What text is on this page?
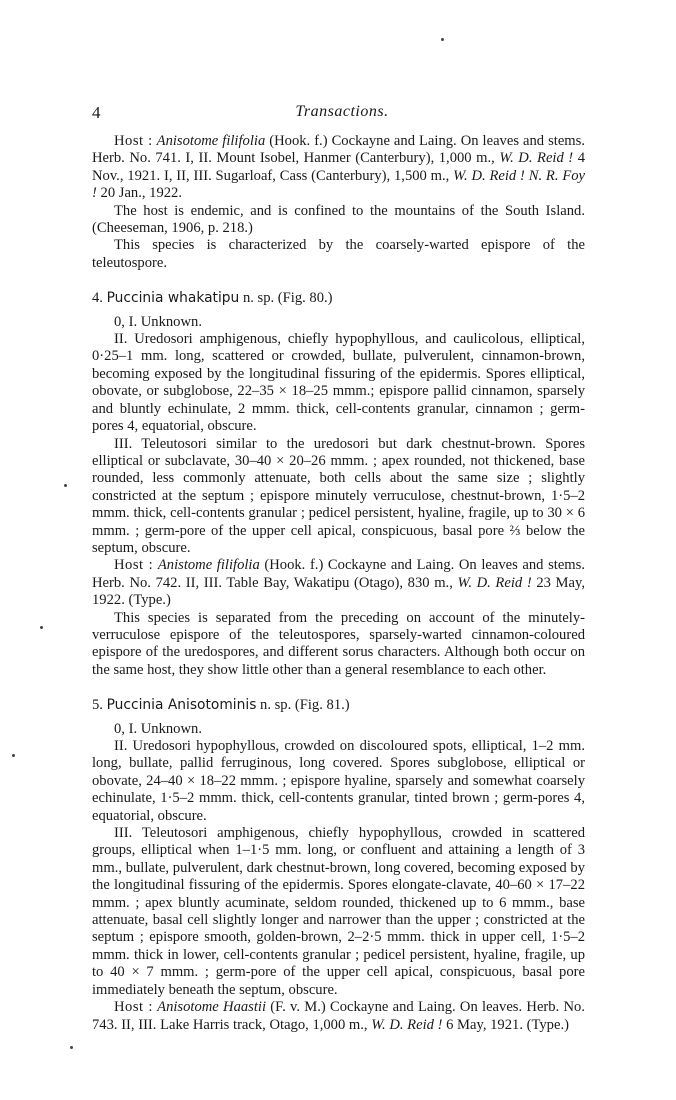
4	Transactions.

Host : Anisotome filifolia (Hook. f.) Cockayne and Laing. On leaves and stems. Herb. No. 741. I, II. Mount Isobel, Hanmer (Canterbury), 1,000 m., W. D. Reid ! 4 Nov., 1921. I, II, III. Sugarloaf, Cass (Canterbury), 1,500 m., W. D. Reid ! N. R. Foy ! 20 Jan., 1922.

The host is endemic, and is confined to the mountains of the South Island. (Cheeseman, 1906, p. 218.)

This species is characterized by the coarsely-warted epispore of the teleutospore.

4. Puccinia whakatipu n. sp. (Fig. 80.)

0, I. Unknown.

II. Uredosori amphigenous, chiefly hypophyllous, and caulicolous, elliptical, 0·25–1 mm. long, scattered or crowded, bullate, pulverulent, cinnamon-brown, becoming exposed by the longitudinal fissuring of the epidermis. Spores elliptical, obovate, or subglobose, 22–35 × 18–25 mmm.; epispore pallid cinnamon, sparsely and bluntly echinulate, 2 mmm. thick, cell-contents granular, cinnamon ; germ-pores 4, equatorial, obscure.

III. Teleutosori similar to the uredosori but dark chestnut-brown. Spores elliptical or subclavate, 30–40 × 20–26 mmm. ; apex rounded, not thickened, base rounded, less commonly attenuate, both cells about the same size ; slightly constricted at the septum ; epispore minutely verruculose, chestnut-brown, 1·5–2 mmm. thick, cell-contents granular ; pedicel persistent, hyaline, fragile, up to 30 × 6 mmm. ; germ-pore of the upper cell apical, conspicuous, basal pore ⅔ below the septum, obscure.

Host : Anistome filifolia (Hook. f.) Cockayne and Laing. On leaves and stems. Herb. No. 742. II, III. Table Bay, Wakatipu (Otago), 830 m., W. D. Reid ! 23 May, 1922. (Type.)

This species is separated from the preceding on account of the minutely-verruculose epispore of the teleutospores, sparsely-warted cinnamon-coloured epispore of the uredospores, and different sorus characters. Although both occur on the same host, they show little other than a general resemblance to each other.

5. Puccinia Anisotominis n. sp. (Fig. 81.)

0, I. Unknown.

II. Uredosori hypophyllous, crowded on discoloured spots, elliptical, 1–2 mm. long, bullate, pallid ferruginous, long covered. Spores subglobose, elliptical or obovate, 24–40 × 18–22 mmm. ; epispore hyaline, sparsely and somewhat coarsely echinulate, 1·5–2 mmm. thick, cell-contents granular, tinted brown ; germ-pores 4, equatorial, obscure.

III. Teleutosori amphigenous, chiefly hypophyllous, crowded in scattered groups, elliptical when 1–1·5 mm. long, or confluent and attaining a length of 3 mm., bullate, pulverulent, dark chestnut-brown, long covered, becoming exposed by the longitudinal fissuring of the epidermis. Spores elongate-clavate, 40–60 × 17–22 mmm. ; apex bluntly acuminate, seldom rounded, thickened up to 6 mmm., base attenuate, basal cell slightly longer and narrower than the upper ; constricted at the septum ; epispore smooth, golden-brown, 2–2·5 mmm. thick in upper cell, 1·5–2 mmm. thick in lower, cell-contents granular ; pedicel persistent, hyaline, fragile, up to 40 × 7 mmm. ; germ-pore of the upper cell apical, conspicuous, basal pore immediately beneath the septum, obscure.

Host : Anisotome Haastii (F. v. M.) Cockayne and Laing. On leaves. Herb. No. 743. II, III. Lake Harris track, Otago, 1,000 m., W. D. Reid ! 6 May, 1921. (Type.)
